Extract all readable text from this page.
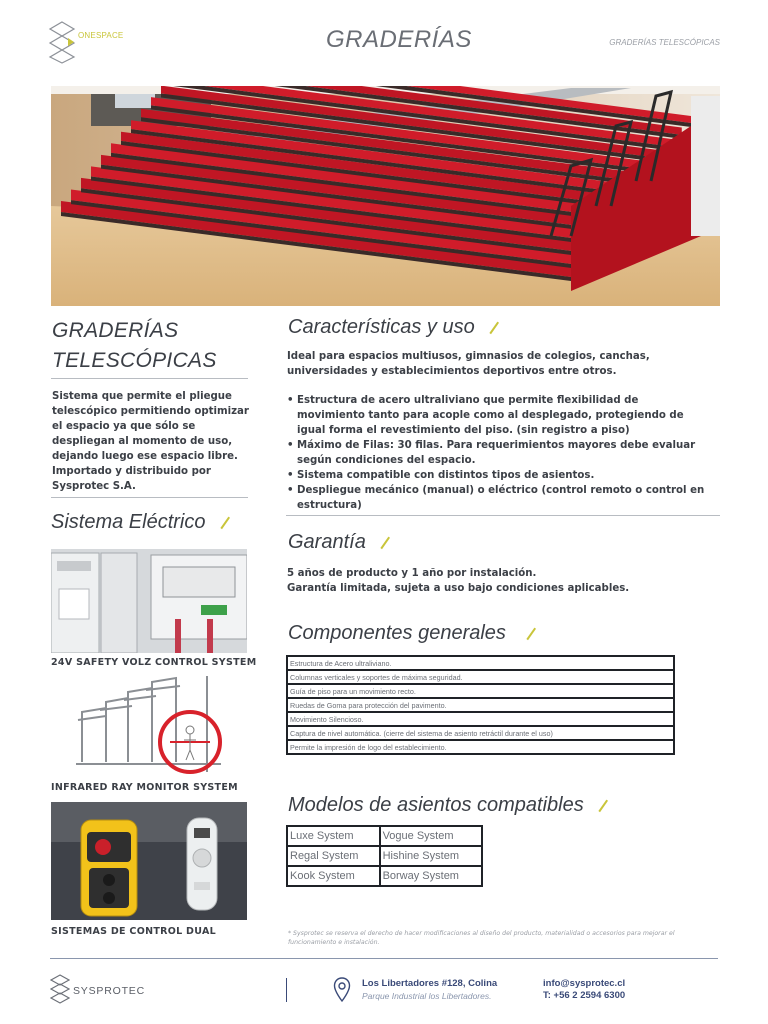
ONESPACE	GRADERÍAS	GRADERÍAS TELESCÓPICAS
GRADERÍAS
TELESCÓPICAS
Sistema que permite el pliegue telescópico permitiendo optimizar el espacio ya que sólo se despliegan al momento de uso, dejando luego ese espacio libre. Importado y distribuido por Sysprotec S.A.
Sistema Eléctrico
24V SAFETY VOLZ CONTROL SYSTEM
INFRARED RAY MONITOR SYSTEM
SISTEMAS DE CONTROL DUAL
Características y uso
Ideal para espacios multiusos, gimnasios de colegios, canchas, universidades y establecimientos deportivos entre otros.
• Estructura de acero ultraliviano que permite flexibilidad de movimiento tanto para acople como al desplegado, protegiendo de igual forma el revestimiento del piso. (sin registro a piso)
• Máximo de Filas: 30 filas. Para requerimientos mayores debe evaluar según condiciones del espacio.
• Sistema compatible con distintos tipos de asientos.
• Despliegue mecánico (manual) o eléctrico (control remoto o control en estructura)
Garantía
5 años de producto y 1 año por instalación.
Garantía limitada, sujeta a uso bajo condiciones aplicables.
Componentes generales
Estructura de Acero ultraliviano.
Columnas verticales y soportes de máxima seguridad.
Guía de piso para un movimiento recto.
Ruedas de Goma para protección del pavimento.
Movimiento Silencioso.
Captura de nivel automática. (cierre del sistema de asiento retráctil durante el uso)
Permite la impresión de logo del establecimiento.
Modelos de asientos compatibles
Luxe System	Vogue System
Regal System	Hishine System
Kook System	Borway System
* Sysprotec se reserva el derecho de hacer modificaciones al diseño del producto, materialidad o accesorios para mejorar el funcionamiento e instalación.
SYSPROTEC
Los Libertadores #128, Colina
Parque Industrial los Libertadores.
info@sysprotec.cl
T: +56 2 2594 6300
